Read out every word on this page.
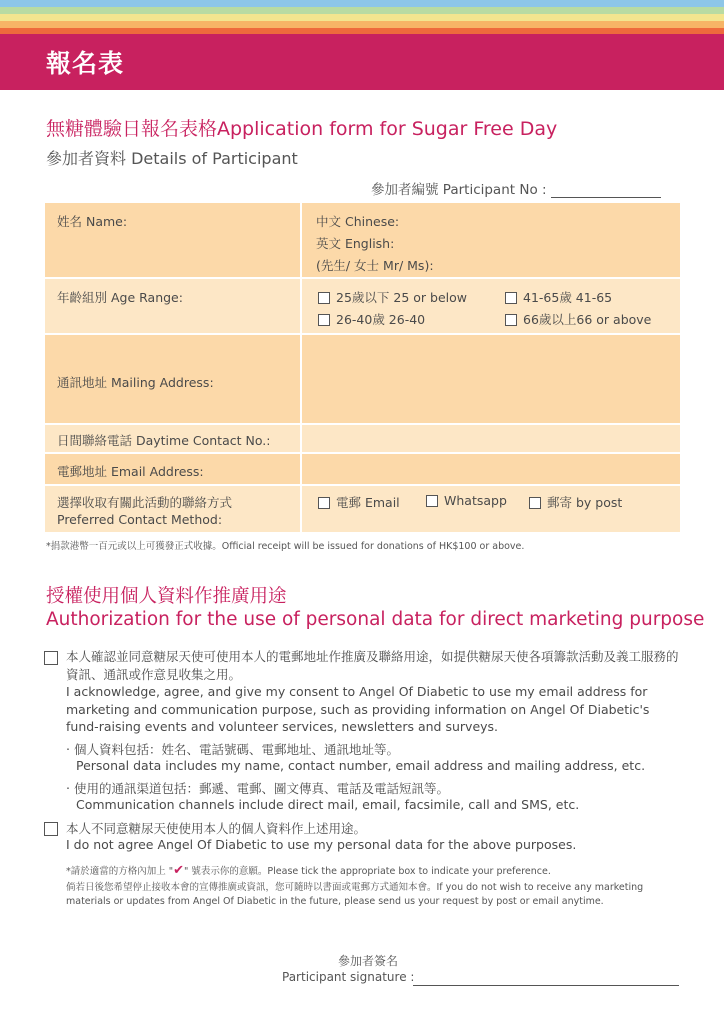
報名表
無糖體驗日報名表格Application form for Sugar Free Day
參加者資料 Details of Participant
參加者編號 Participant No :
姓名 Name:	中文 Chinese:
英文 English:
(先生/ 女士 Mr/ Ms):
年齡組別 Age Range:	25歲以下 25 or below	41-65歲 41-65
26-40歲 26-40	66歲以上66 or above
通訊地址 Mailing Address:
日間聯絡電話 Daytime Contact No.:
電郵地址 Email Address:
選擇收取有關此活動的聯絡方式
Preferred Contact Method:
電郵 Email	Whatsapp	郵寄 by post
*捐款港幣一百元或以上可獲發正式收據。Official receipt will be issued for donations of HK$100 or above.
授權使用個人資料作推廣用途
Authorization for the use of personal data for direct marketing purpose
本人確認並同意糖尿天使可使用本人的電郵地址作推廣及聯絡用途，如提供糖尿天使各項籌款活動及義工服務的資訊、通訊或作意見收集之用。
I acknowledge, agree, and give my consent to Angel Of Diabetic to use my email address for marketing and communication purpose, such as providing information on Angel Of Diabetic's fund-raising events and volunteer services, newsletters and surveys.
‧ 個人資料包括：姓名、電話號碼、電郵地址、通訊地址等。
Personal data includes my name, contact number, email address and mailing address, etc.
‧ 使用的通訊渠道包括：郵遞、電郵、圖文傳真、電話及電話短訊等。
Communication channels include direct mail, email, facsimile, call and SMS, etc.
本人不同意糖尿天使使用本人的個人資料作上述用途。
I do not agree Angel Of Diabetic to use my personal data for the above purposes.
*請於適當的方格內加上 "✔" 號表示你的意願。Please tick the appropriate box to indicate your preference.
倘若日後您希望停止接收本會的宣傳推廣或資訊，您可隨時以書面或電郵方式通知本會。If you do not wish to receive any marketing materials or updates from Angel Of Diabetic in the future, please send us your request by post or email anytime.
參加者簽名
Participant signature :
